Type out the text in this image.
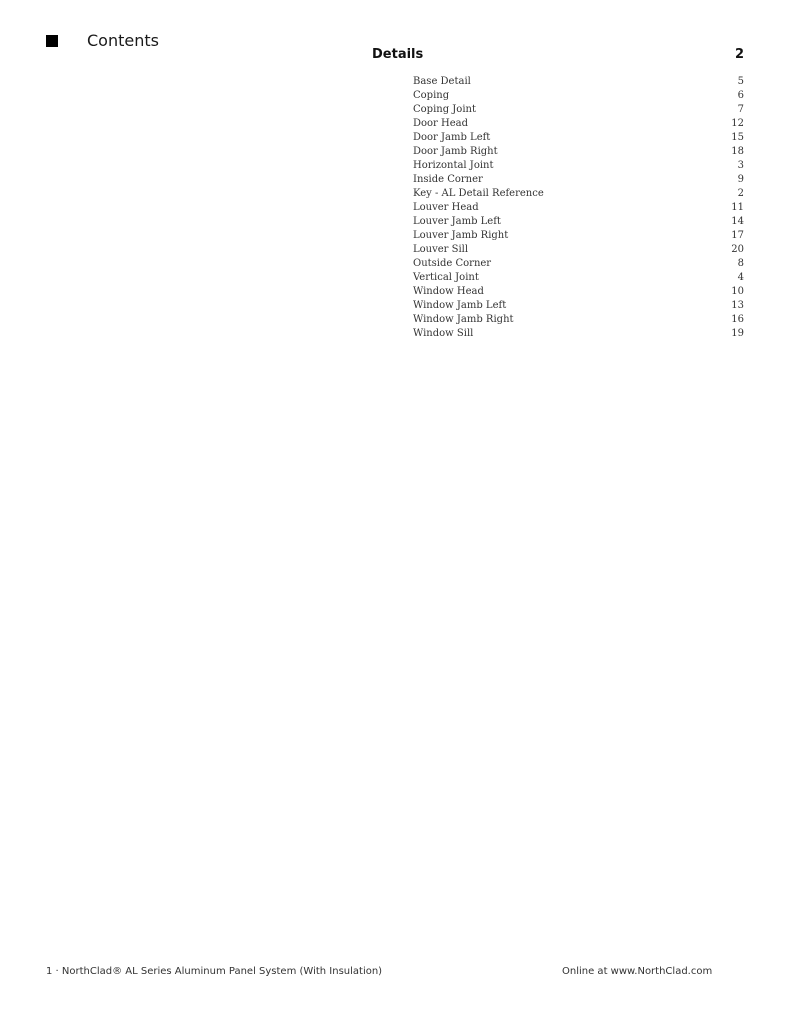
Contents
Details	2
Base Detail	5
Coping	6
Coping Joint	7
Door Head	12
Door Jamb Left	15
Door Jamb Right	18
Horizontal Joint	3
Inside Corner	9
Key - AL Detail Reference	2
Louver Head	11
Louver Jamb Left	14
Louver Jamb Right	17
Louver Sill	20
Outside Corner	8
Vertical Joint	4
Window Head	10
Window Jamb Left	13
Window Jamb Right	16
Window Sill	19
1 · NorthClad® AL Series Aluminum Panel System (With Insulation)	Online at www.NorthClad.com
